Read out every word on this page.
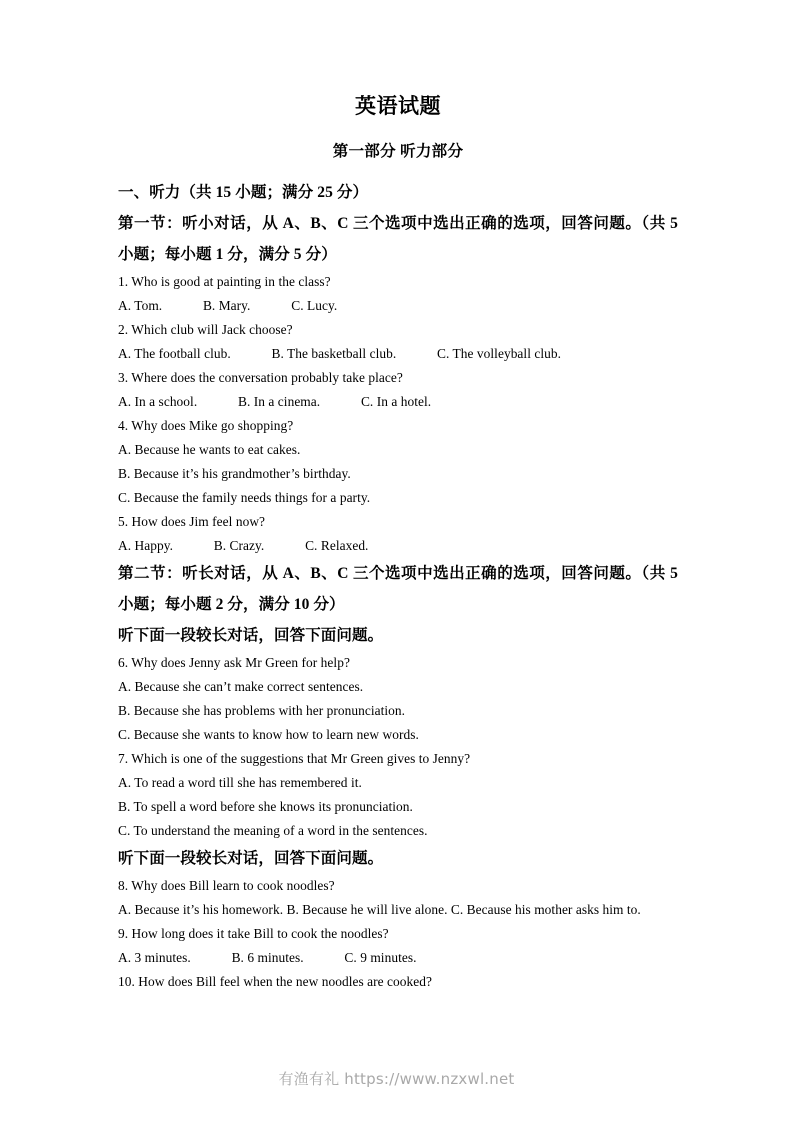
英语试题
第一部分 听力部分

一、听力（共 15 小题；满分 25 分）

第一节：听小对话，从 A、B、C 三个选项中选出正确的选项，回答问题。（共 5 小题；每小题 1 分，满分 5 分）

1. Who is good at painting in the class?

A. Tom.            B. Mary.            C. Lucy.

2. Which club will Jack choose?

A. The football club.            B. The basketball club.            C. The volleyball club.

3. Where does the conversation probably take place?

A. In a school.            B. In a cinema.            C. In a hotel.

4. Why does Mike go shopping?

A. Because he wants to eat cakes.

B. Because it’s his grandmother’s birthday.

C. Because the family needs things for a party.

5. How does Jim feel now?

A. Happy.            B. Crazy.            C. Relaxed.

第二节：听长对话，从 A、B、C 三个选项中选出正确的选项，回答问题。（共 5 小题；每小题 2 分，满分 10 分）

听下面一段较长对话，回答下面问题。

6. Why does Jenny ask Mr Green for help?

A. Because she can’t make correct sentences.

B. Because she has problems with her pronunciation.

C. Because she wants to know how to learn new words.

7. Which is one of the suggestions that Mr Green gives to Jenny?

A. To read a word till she has remembered it.

B. To spell a word before she knows its pronunciation.

C. To understand the meaning of a word in the sentences.

听下面一段较长对话，回答下面问题。

8. Why does Bill learn to cook noodles?

A. Because it’s his homework. B. Because he will live alone. C. Because his mother asks him to.

9. How long does it take Bill to cook the noodles?

A. 3 minutes.            B. 6 minutes.            C. 9 minutes.

10. How does Bill feel when the new noodles are cooked?

有渔有礼 https://www.nzxwl.net
